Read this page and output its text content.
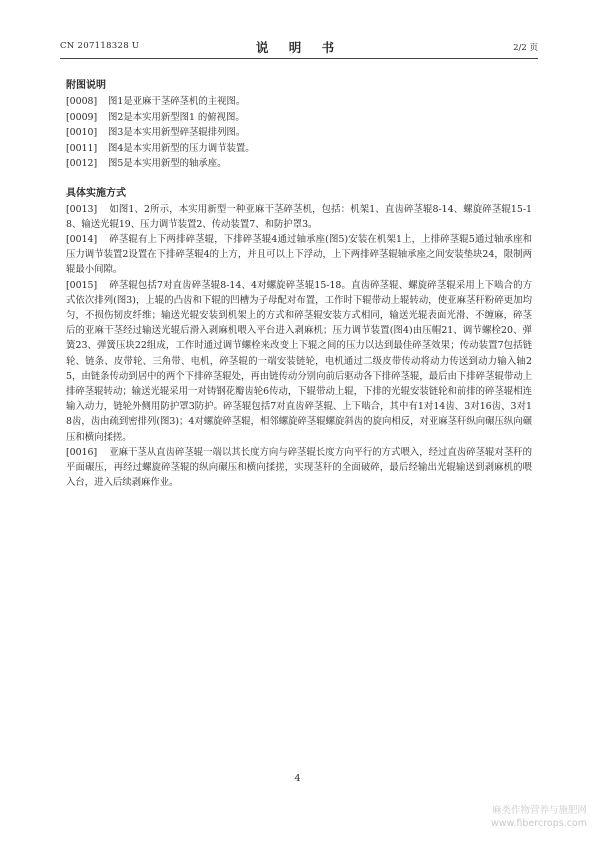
CN 207118328 U	说 明 书	2/2 页

附图说明

[0008] 图1是亚麻干茎碎茎机的主视图。
[0009] 图2是本实用新型图1 的俯视图。
[0010] 图3是本实用新型碎茎辊排列图。
[0011] 图4是本实用新型的压力调节装置。
[0012] 图5是本实用新型的轴承座。

具体实施方式

[0013] 如图1、2所示，本实用新型一种亚麻干茎碎茎机，包括：机架1、直齿碎茎辊8-14、螺旋碎茎辊15-18、输送光辊19、压力调节装置2、传动装置7、和防护罩3。

[0014] 碎茎辊有上下两排碎茎辊，下排碎茎辊4通过轴承座(图5)安装在机架1上，上排碎茎辊5通过轴承座和压力调节装置2设置在下排碎茎辊4的上方，并且可以上下浮动，上下两排碎茎辊轴承座之间安装垫块24，限制两辊最小间隙。

[0015] 碎茎辊包括7对直齿碎茎辊8-14、4对螺旋碎茎辊15-18。直齿碎茎辊、螺旋碎茎辊采用上下啮合的方式依次排列(图3)，上辊的凸齿和下辊的凹槽为子母配对布置，工作时下辊带动上辊转动，使亚麻茎秆粉碎更加均匀，不损伤韧皮纤维；输送光辊安装到机架上的方式和碎茎辊安装方式相同，输送光辊表面光滑、不缠麻，碎茎后的亚麻干茎经过输送光辊后滑入剥麻机喂入平台进入剥麻机；压力调节装置(图4)由压帽21、调节螺栓20、弹簧23、弹簧压块22组成，工作时通过调节螺栓来改变上下辊之间的压力以达到最佳碎茎效果；传动装置7包括链轮、链条、皮带轮、三角带、电机，碎茎辊的一端安装链轮，电机通过二级皮带传动将动力传送到动力输入轴25，由链条传动到居中的两个下排碎茎辊处，再由链传动分别向前后驱动各下排碎茎辊，最后由下排碎茎辊带动上排碎茎辊转动；输送光辊采用一对铸钢花瓣齿轮6传动，下辊带动上辊，下排的光辊安装链轮和前排的碎茎辊相连输入动力，链轮外侧用防护罩3防护。碎茎辊包括7对直齿碎茎辊、上下啮合，其中有1对14齿、3对16齿、3对18齿，齿由疏到密排列(图3)；4对螺旋碎茎辊，相邻螺旋碎茎辊螺旋斜齿的旋向相反，对亚麻茎秆纵向碾压纵向碾压和横向揉搓。

[0016] 亚麻干茎从直齿碎茎辊一端以其长度方向与碎茎辊长度方向平行的方式喂入，经过直齿碎茎辊对茎秆的平面碾压，再经过螺旋碎茎辊的纵向碾压和横向揉搓，实现茎秆的全面破碎，最后经输出光辊输送到剥麻机的喂入台，进入后续剥麻作业。

4
麻类作物营养与施肥网
www.fibercrops.com
